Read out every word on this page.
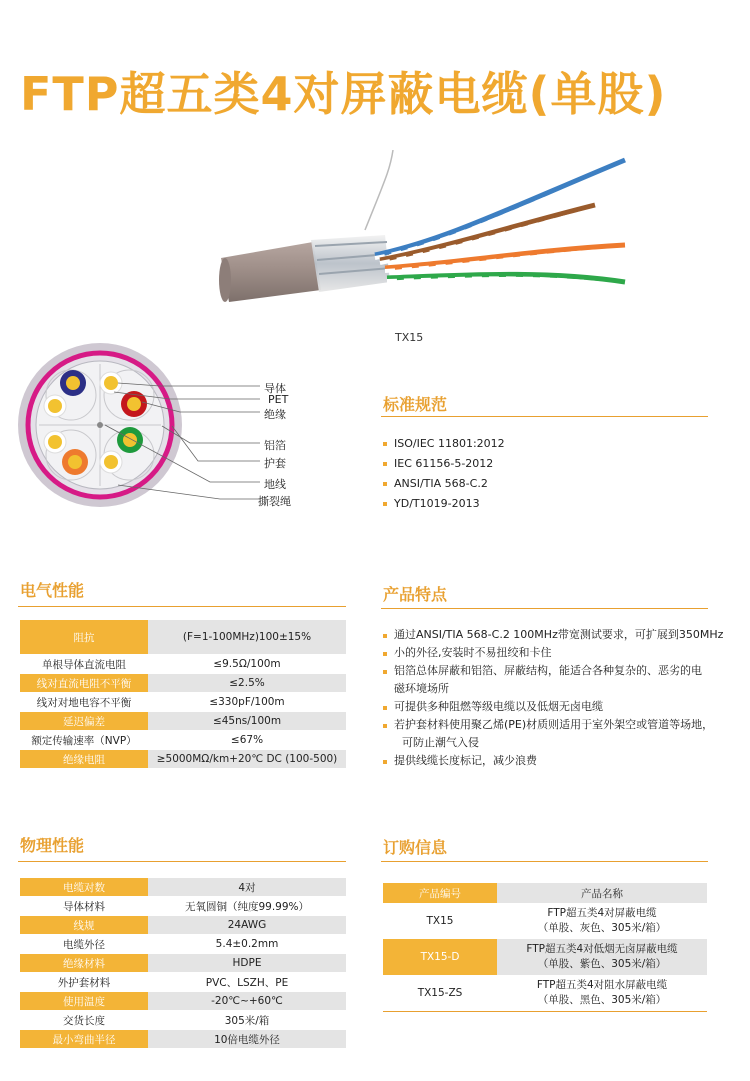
FTP超五类4对屏蔽电缆(单股)
TX15
导体
PET
绝缘
铝箔
护套
地线
撕裂绳
标准规范
ISO/IEC 11801:2012
IEC 61156-5-2012
ANSI/TIA 568-C.2
YD/T1019-2013
电气性能
阻抗	(F=1-100MHz)100±15%
单根导体直流电阻	≤9.5Ω/100m
线对直流电阻不平衡	≤2.5%
线对对地电容不平衡	≤330pF/100m
延迟偏差	≤45ns/100m
额定传输速率（NVP）	≤67%
绝缘电阻	≥5000MΩ/km+20℃ DC (100-500)
产品特点
通过ANSI/TIA 568-C.2 100MHz带宽测试要求，可扩展到350MHz
小的外径,安装时不易扭绞和卡住
铝箔总体屏蔽和铝箔、屏蔽结构，能适合各种复杂的、恶劣的电
磁环境场所
可提供多种阻燃等级电缆以及低烟无卤电缆
若护套材料使用聚乙烯(PE)材质则适用于室外架空或管道等场地，
可防止潮气入侵
提供线缆长度标记，减少浪费
物理性能
电缆对数	4对
导体材料	无氧圆铜（纯度99.99%）
线规	24AWG
电缆外径	5.4±0.2mm
绝缘材料	HDPE
外护套材料	PVC、LSZH、PE
使用温度	-20℃~+60℃
交货长度	305米/箱
最小弯曲半径	10倍电缆外径
订购信息
产品编号	产品名称
TX15	FTP超五类4对屏蔽电缆
（单股、灰色、305米/箱）
TX15-D	FTP超五类4对低烟无卤屏蔽电缆
（单股、紫色、305米/箱）
TX15-ZS	FTP超五类4对阻水屏蔽电缆
（单股、黑色、305米/箱）
